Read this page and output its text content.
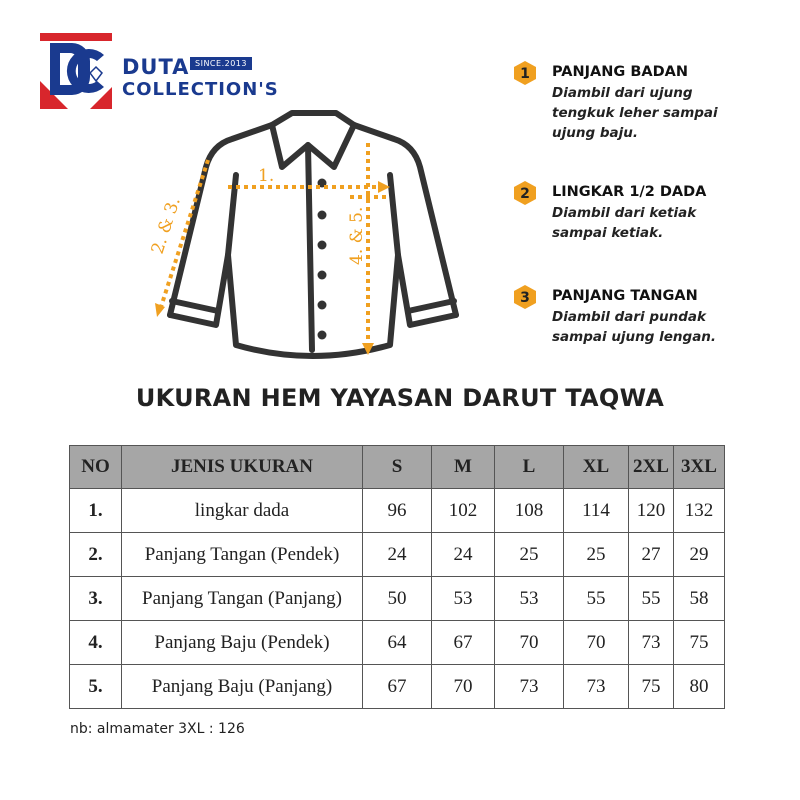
DUTA SINCE.2013
COLLECTION'S
1.
2. & 3.	4. & 5.
1 PANJANG BADAN
Diambil dari ujung
tengkuk leher sampai
ujung baju.
2 LINGKAR 1/2 DADA
Diambil dari ketiak
sampai ketiak.
3 PANJANG TANGAN
Diambil dari pundak
sampai ujung lengan.
UKURAN HEM YAYASAN DARUT TAQWA
NO	JENIS UKURAN	S	M	L	XL	2XL	3XL
1.	lingkar dada	96	102	108	114	120	132
2.	Panjang Tangan (Pendek)	24	24	25	25	27	29
3.	Panjang Tangan (Panjang)	50	53	53	55	55	58
4.	Panjang Baju (Pendek)	64	67	70	70	73	75
5.	Panjang Baju (Panjang)	67	70	73	73	75	80
nb: almamater 3XL : 126
